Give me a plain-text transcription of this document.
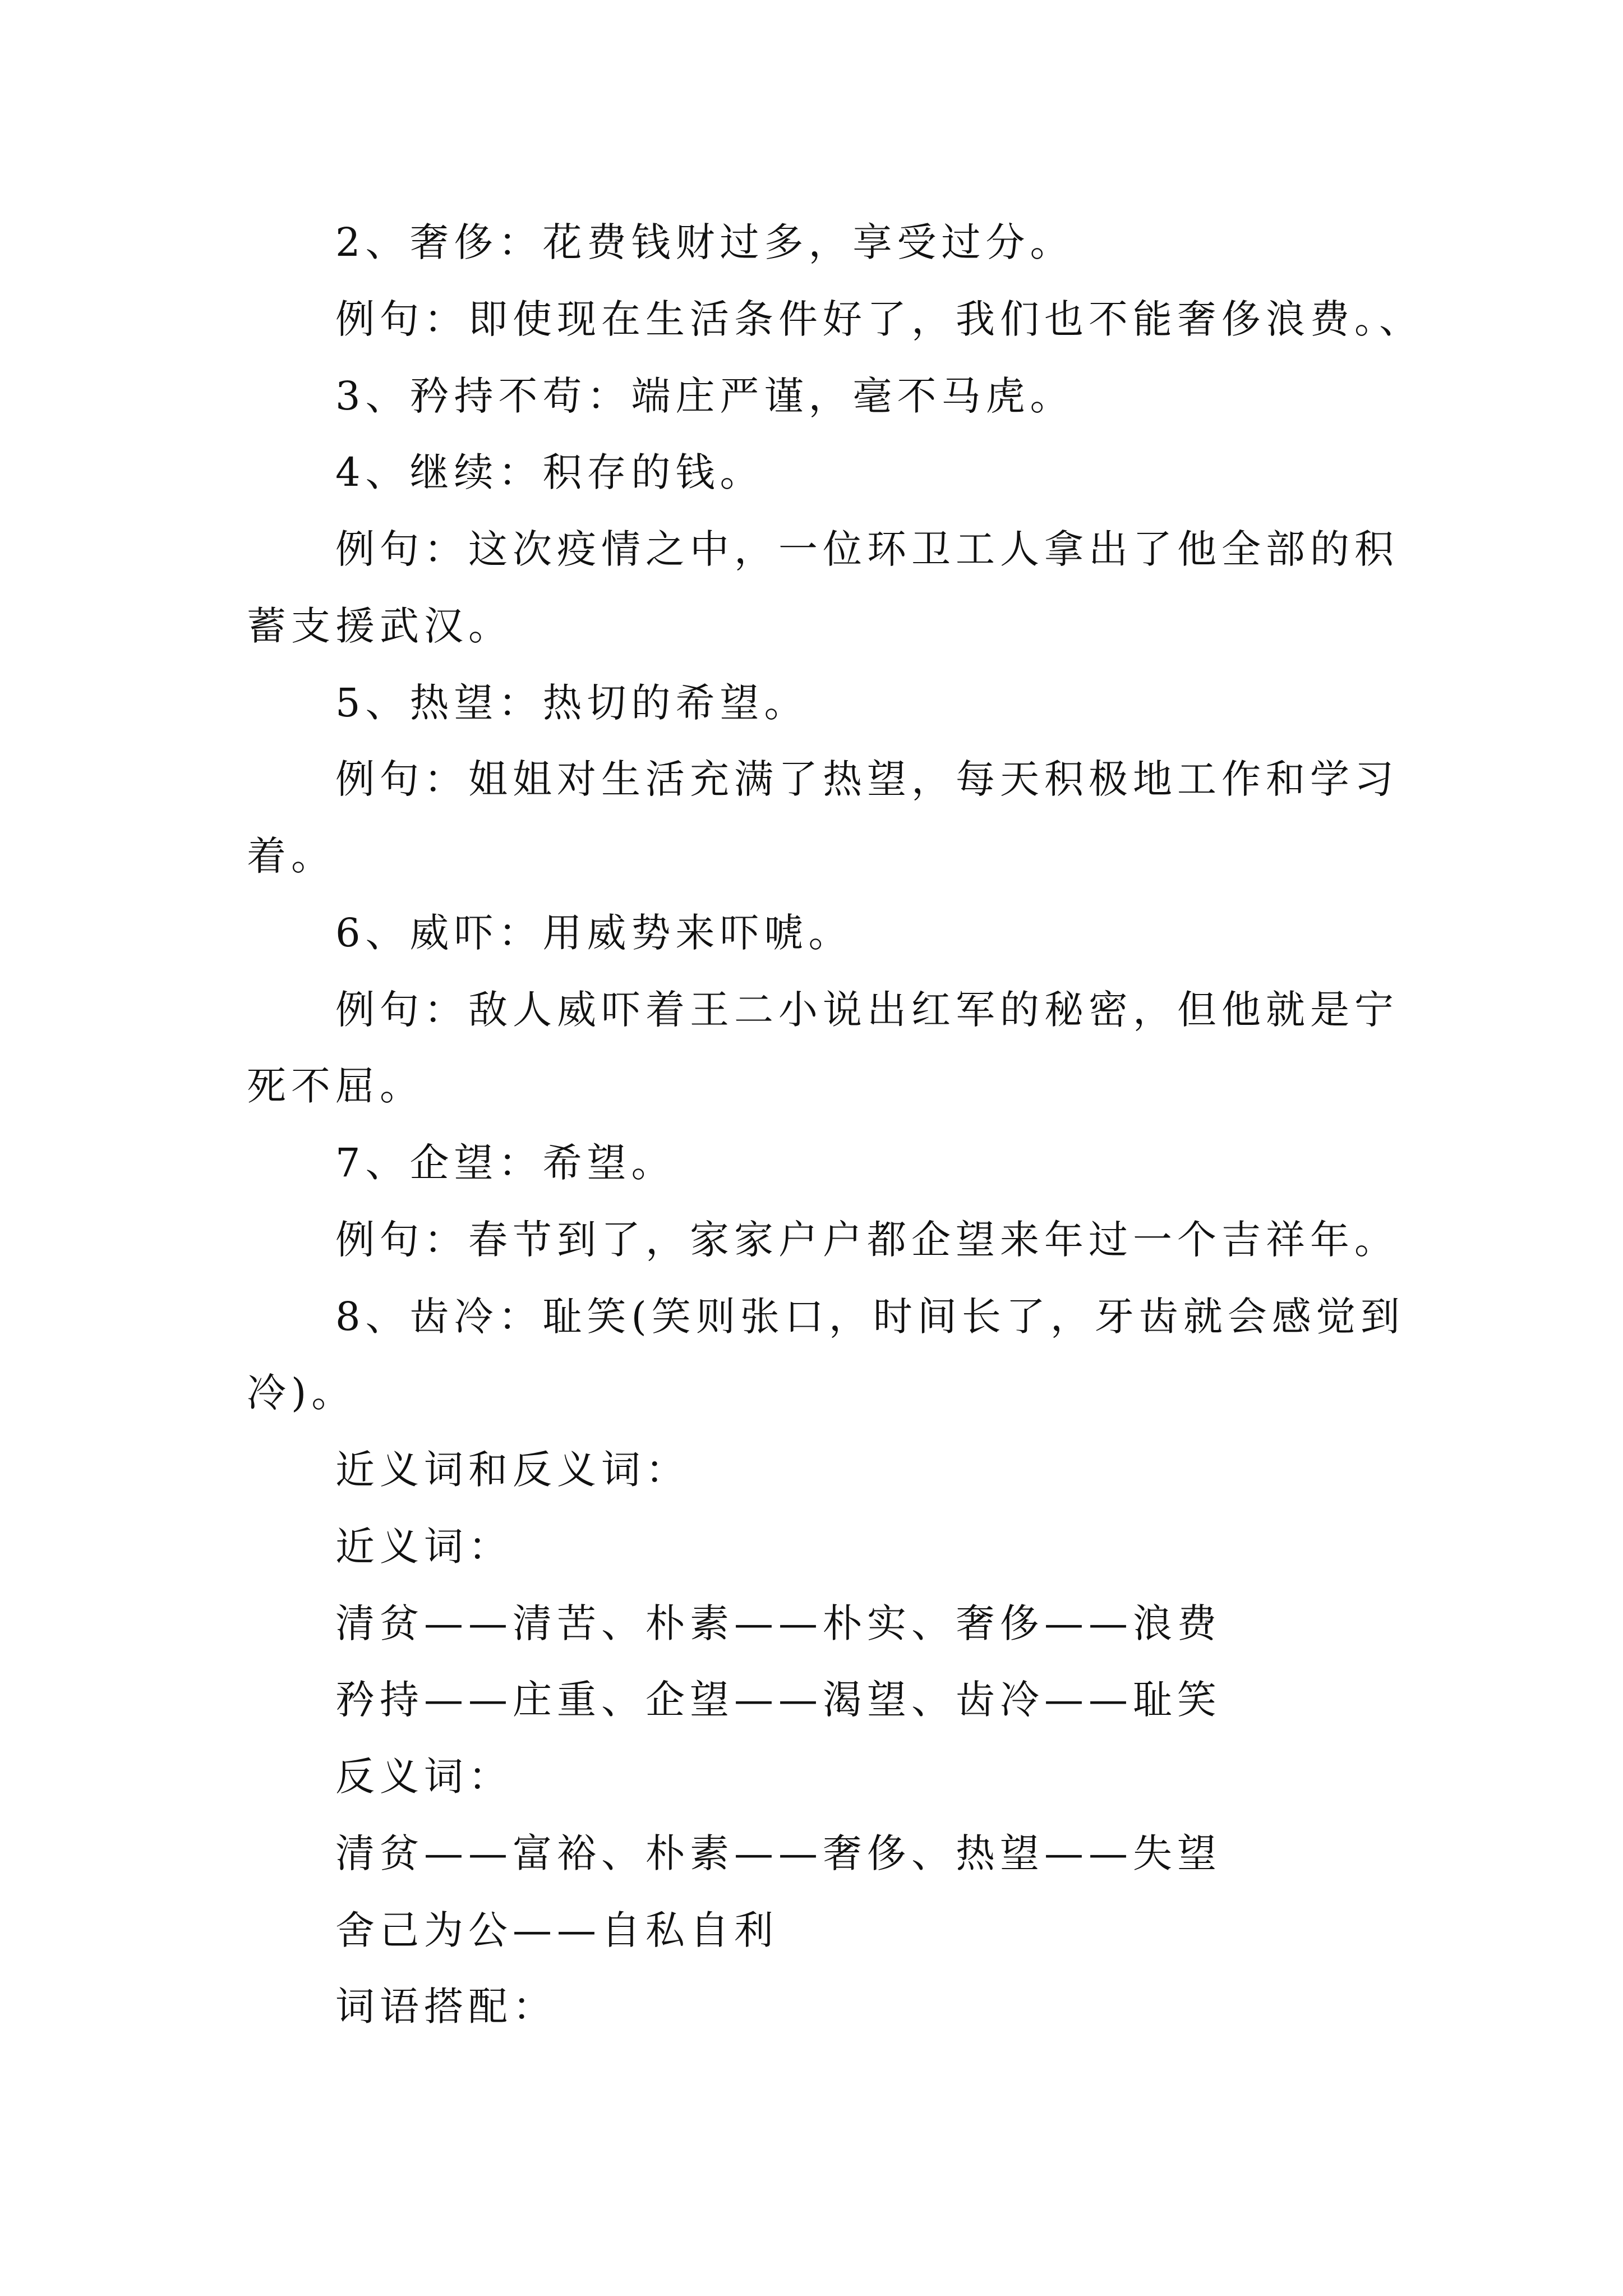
2、奢侈：花费钱财过多，享受过分。
例句：即使现在生活条件好了，我们也不能奢侈浪费。、
3、矜持不苟：端庄严谨，毫不马虎。
4、继续：积存的钱。
例句：这次疫情之中，一位环卫工人拿出了他全部的积
蓄支援武汉。
5、热望：热切的希望。
例句：姐姐对生活充满了热望，每天积极地工作和学习
着。
6、威吓：用威势来吓唬。
例句：敌人威吓着王二小说出红军的秘密，但他就是宁
死不屈。
7、企望：希望。
例句：春节到了，家家户户都企望来年过一个吉祥年。
8、齿冷：耻笑(笑则张口，时间长了，牙齿就会感觉到
冷)。
近义词和反义词：
近义词：
清贫——清苦、朴素——朴实、奢侈——浪费
矜持——庄重、企望——渴望、齿冷——耻笑
反义词：
清贫——富裕、朴素——奢侈、热望——失望
舍己为公——自私自利
词语搭配：
